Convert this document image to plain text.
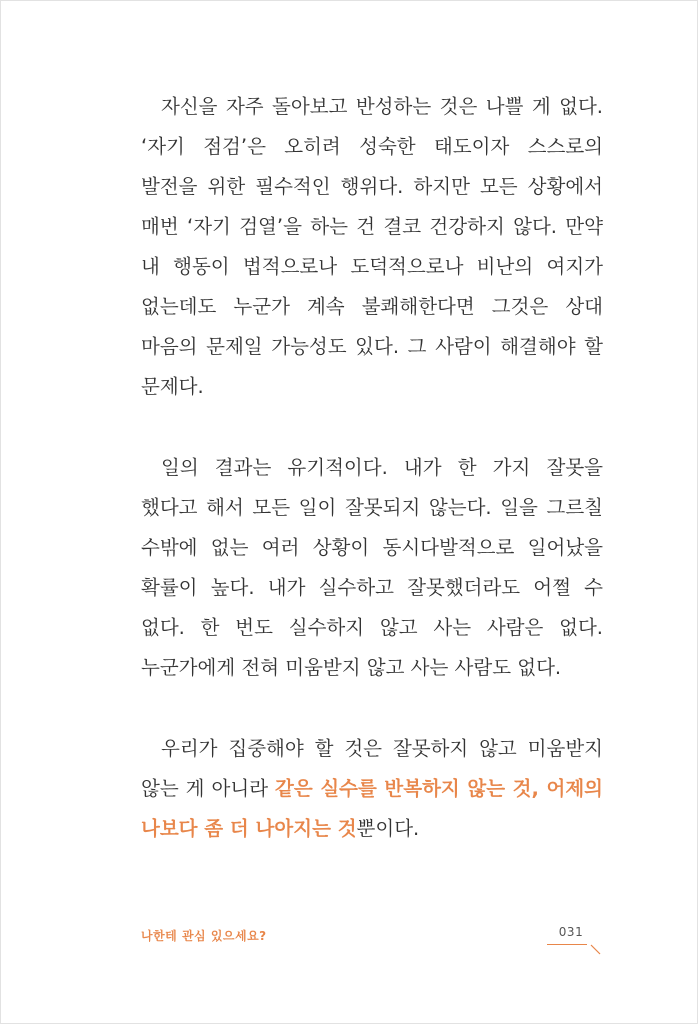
자신을 자주 돌아보고 반성하는 것은 나쁠 게 없다. ‘자기 점검’은 오히려 성숙한 태도이자 스스로의 발전을 위한 필수적인 행위다. 하지만 모든 상황에서 매번 ‘자기 검열’을 하는 건 결코 건강하지 않다. 만약 내 행동이 법적으로나 도덕적으로나 비난의 여지가 없는데도 누군가 계속 불쾌해한다면 그것은 상대 마음의 문제일 가능성도 있다. 그 사람이 해결해야 할 문제다.

일의 결과는 유기적이다. 내가 한 가지 잘못을 했다고 해서 모든 일이 잘못되지 않는다. 일을 그르칠 수밖에 없는 여러 상황이 동시다발적으로 일어났을 확률이 높다. 내가 실수하고 잘못했더라도 어쩔 수 없다. 한 번도 실수하지 않고 사는 사람은 없다. 누군가에게 전혀 미움받지 않고 사는 사람도 없다.

우리가 집중해야 할 것은 잘못하지 않고 미움받지 않는 게 아니라 같은 실수를 반복하지 않는 것, 어제의 나보다 좀 더 나아지는 것뿐이다.

나한테 관심 있으세요?	031
